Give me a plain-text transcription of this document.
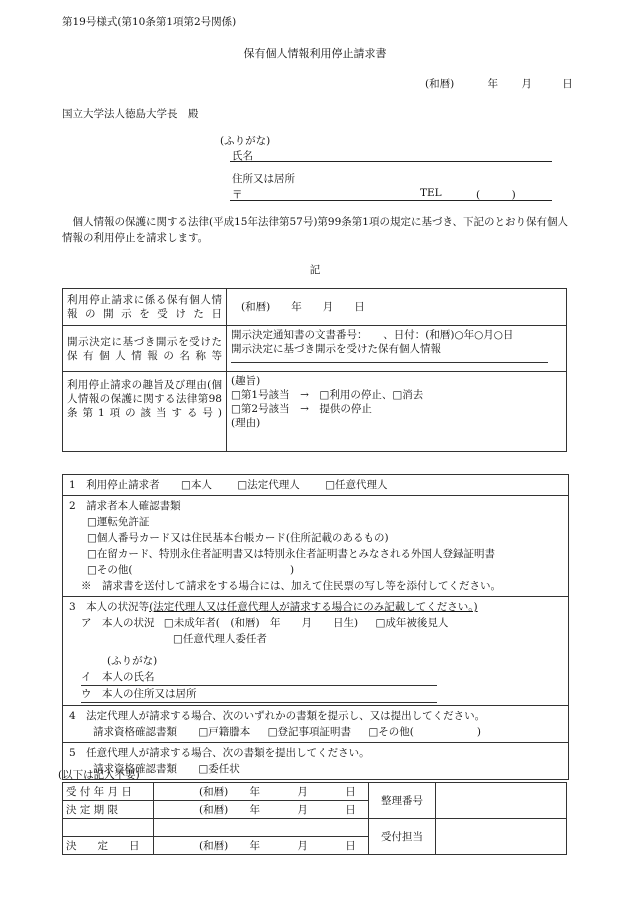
第19号様式(第10条第1項第2号関係)
保有個人情報利用停止請求書
(和暦)	年 月	日
国立大学法人徳島大学長　殿
(ふりがな)
氏名
住所又は居所
〒	TEL	(　　　)
　個人情報の保護に関する法律(平成15年法律第57号)第99条第1項の規定に基づき、下記のとおり保有個人情報の利用停止を請求します。
記
利用停止請求に係る保有個人情報の開示を受けた日	(和暦)　　年　　月　　日
開示決定に基づき開示を受けた保有個人情報の名称等	開示決定通知書の文書番号：　　、日付：(和暦)○年○月○日
開示決定に基づき開示を受けた保有個人情報

利用停止請求の趣旨及び理由(個人情報の保護に関する法律第98条第1項の該当する号)	(趣旨)
□第1号該当　→　□利用の停止、□消去
□第2号該当　→　提供の停止
(理由)
1　利用停止請求者 □本人 □法定代理人 □任意代理人
2　請求者本人確認書類
□運転免許証
□個人番号カード又は住民基本台帳カード(住所記載のあるもの)
□在留カード、特別永住者証明書又は特別永住者証明書とみなされる外国人登録証明書
□その他(　　　　　　　　　　　　　　　)
※　請求書を送付して請求をする場合には、加えて住民票の写し等を添付してください。
3　本人の状況等(法定代理人又は任意代理人が請求する場合にのみ記載してください。)
ア　本人の状況 □未成年者(　(和暦)　年　　月　　日生) □成年被後見人
□任意代理人委任者
(ふりがな)
イ　本人の氏名
ウ　本人の住所又は居所
4　法定代理人が請求する場合、次のいずれかの書類を提示し、又は提出してください。
請求資格確認書類 □戸籍謄本 □登記事項証明書 □その他(　　　　　　)
5　任意代理人が請求する場合、次の書類を提出してください。
請求資格確認書類 □委任状
(以下は記入不要)
受 付 年 月 日	(和暦) 年 月 日	整理番号	
決 定 期 限	(和暦) 年 月 日		
		受付担当	
決　　定　　日	(和暦) 年 月 日		
